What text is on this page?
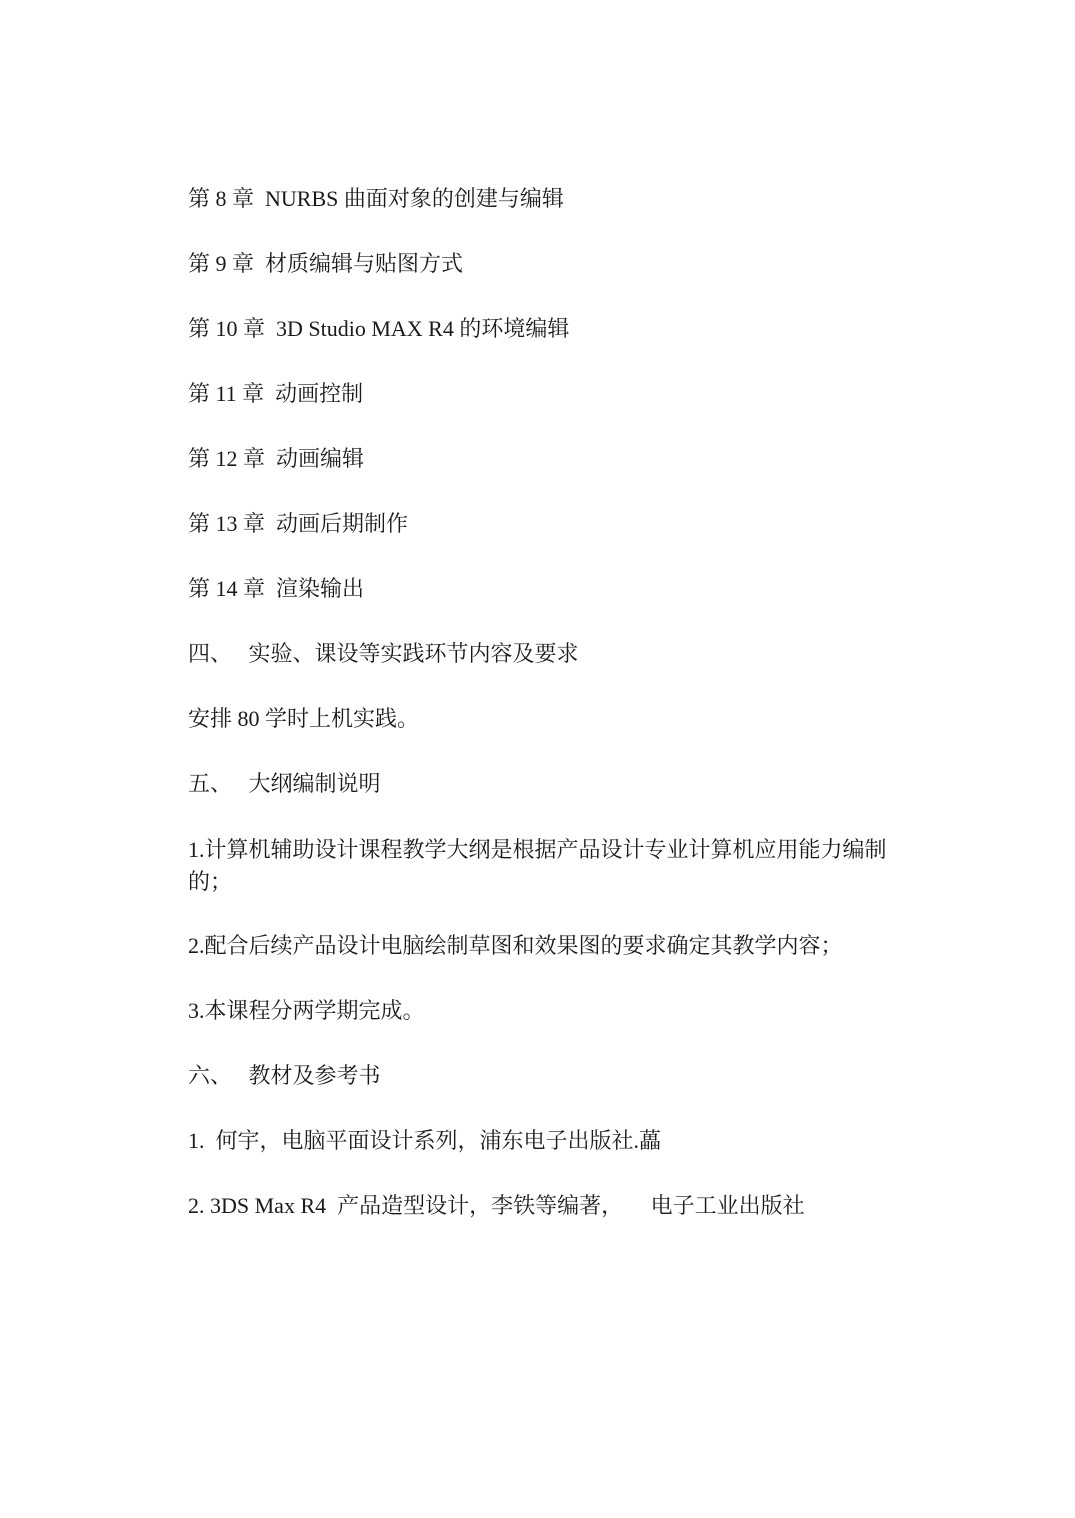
第 8 章  NURBS 曲面对象的创建与编辑
第 9 章  材质编辑与贴图方式
第 10 章  3D Studio MAX R4 的环境编辑
第 11 章  动画控制
第 12 章  动画编辑
第 13 章  动画后期制作
第 14 章  渲染输出
四、   实验、课设等实践环节内容及要求
安排 80 学时上机实践。
五、   大纲编制说明
1.计算机辅助设计课程教学大纲是根据产品设计专业计算机应用能力编制的；
2.配合后续产品设计电脑绘制草图和效果图的要求确定其教学内容；
3.本课程分两学期完成。
六、   教材及参考书
1.  何宇，电脑平面设计系列，浦东电子出版社.藟
2. 3DS Max R4  产品造型设计，李铁等编著，     电子工业出版社
